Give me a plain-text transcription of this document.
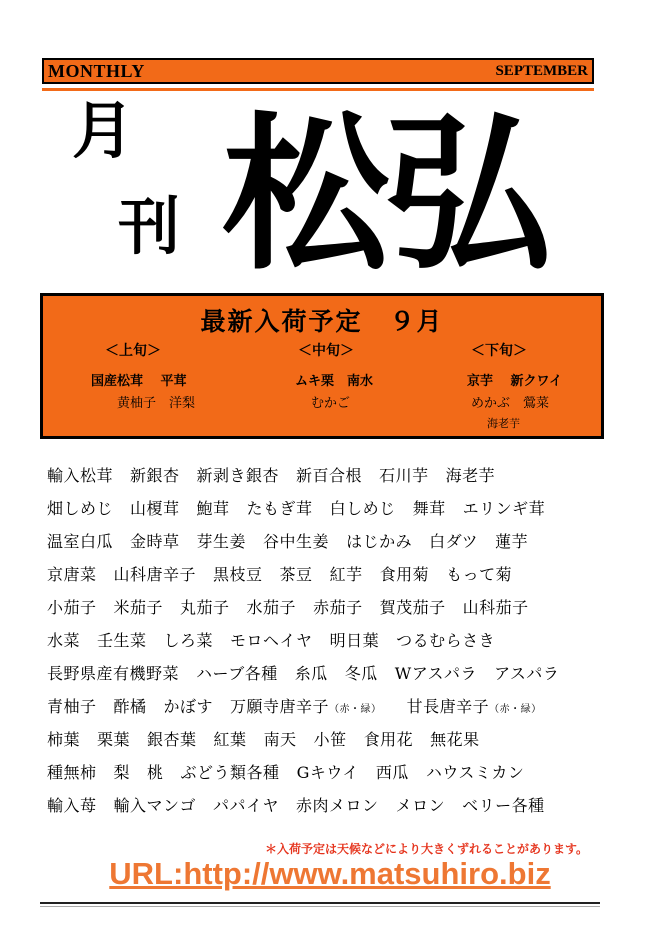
MONTHLY	SEPTEMBER
月
刊 松弘
最新入荷予定　９月
＜上旬＞
国産松茸　 平茸
黄柚子　洋梨
＜中旬＞
ムキ栗　南水
むかご
＜下旬＞
京芋　 新クワイ
めかぶ　鶯菜
海老芋
輸入松茸 新銀杏 新剥き銀杏 新百合根 石川芋 海老芋
畑しめじ 山榎茸 鮑茸 たもぎ茸 白しめじ 舞茸 エリンギ茸
温室白瓜 金時草 芽生姜 谷中生姜 はじかみ 白ダツ 蓮芋
京唐菜 山科唐辛子 黒枝豆 茶豆 紅芋 食用菊 もって菊
小茄子 米茄子 丸茄子 水茄子 赤茄子 賀茂茄子 山科茄子
水菜 壬生菜 しろ菜 モロヘイヤ 明日葉 つるむらさき
長野県産有機野菜 ハーブ各種 糸瓜 冬瓜 Wアスパラ アスパラ
青柚子 酢橘 かぼす 万願寺唐辛子（赤・緑） 甘長唐辛子（赤・緑）
柿葉 栗葉 銀杏葉 紅葉 南天 小笹 食用花 無花果
種無柿 梨 桃 ぶどう類各種 Gキウイ 西瓜 ハウスミカン
輸入苺 輸入マンゴ パパイヤ 赤肉メロン メロン ベリー各種
＊入荷予定は天候などにより大きくずれることがあります。
URL:http://www.matsuhiro.biz
